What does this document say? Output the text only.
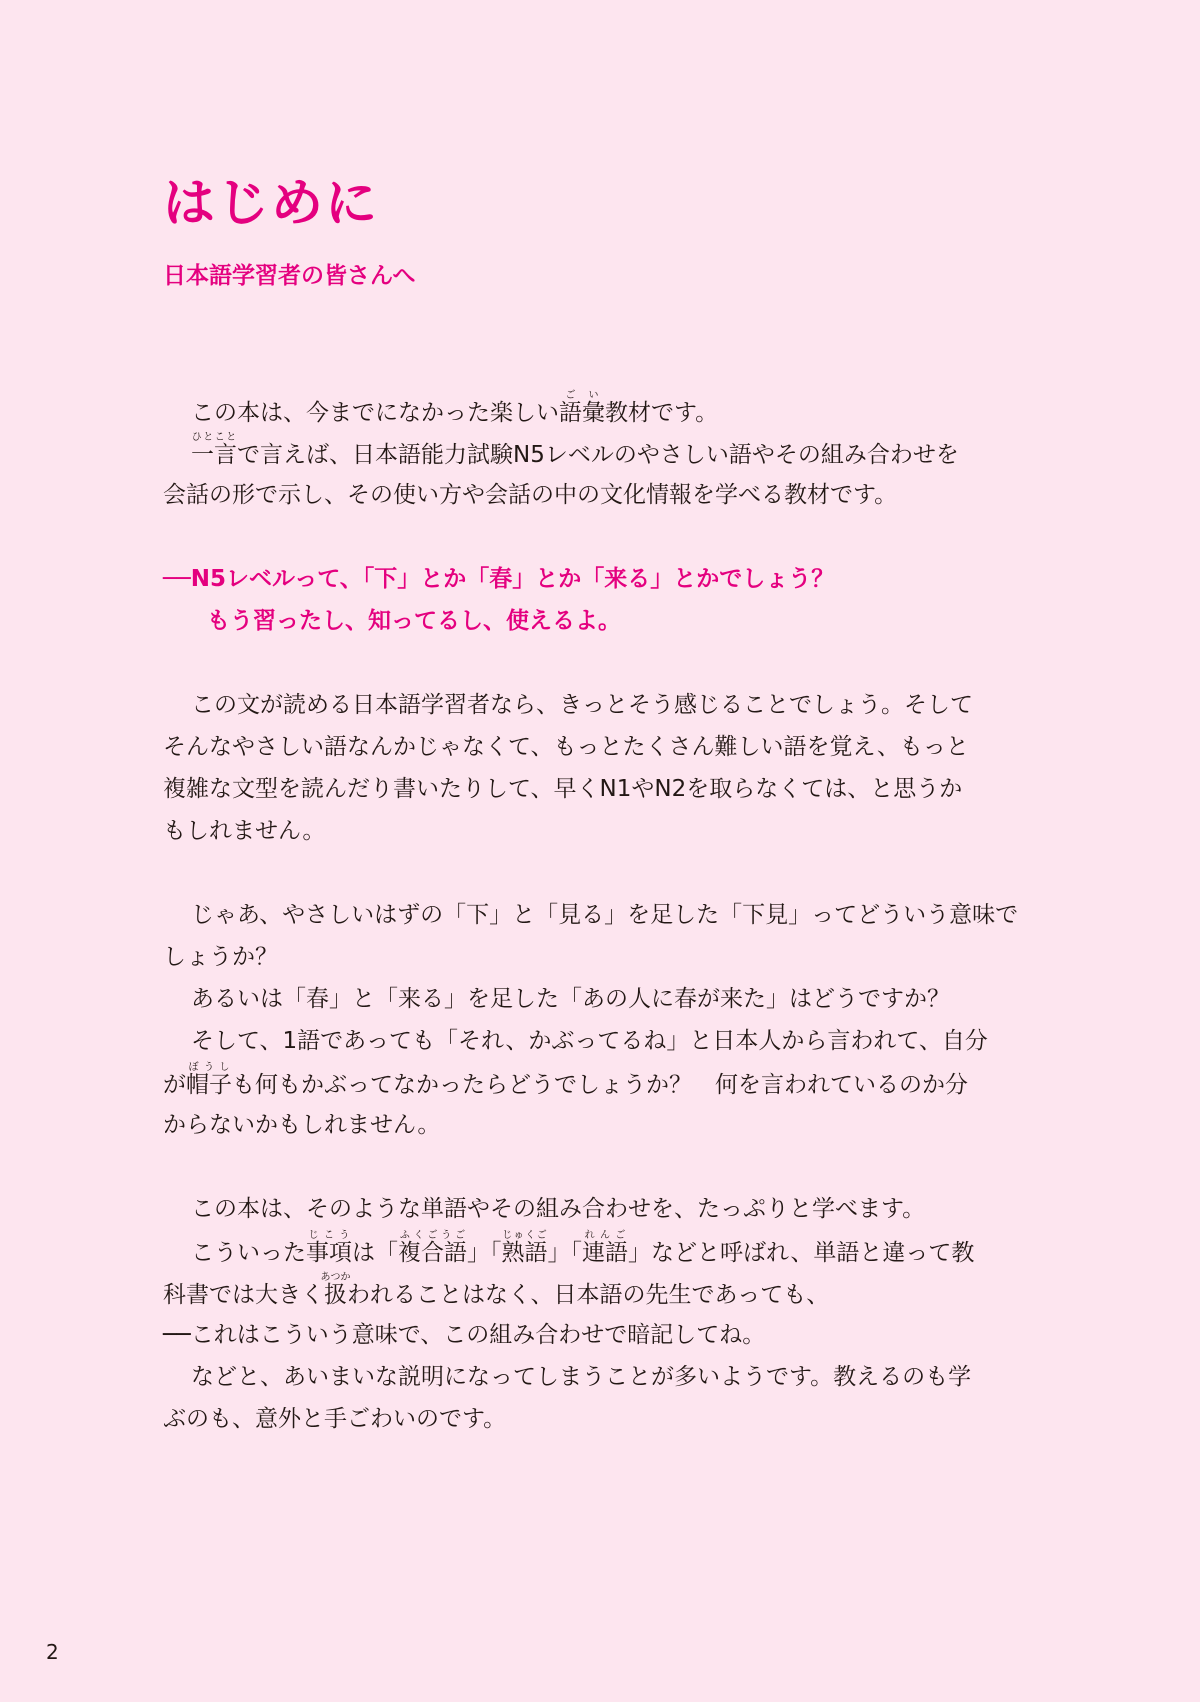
はじめに
日本語学習者の皆さんへ
この本は、今までになかった楽しい語彙ごい教材です。
一言ひとことで言えば、日本語能力試験N5レベルのやさしい語やその組み合わせを
会話の形で示し、その使い方や会話の中の文化情報を学べる教材です。
──N5レベルって、「下」とか「春」とか「来る」とかでしょう？
もう習ったし、知ってるし、使えるよ。
この文が読める日本語学習者なら、きっとそう感じることでしょう。そして
そんなやさしい語なんかじゃなくて、もっとたくさん難しい語を覚え、もっと
複雑な文型を読んだり書いたりして、早くN1やN2を取らなくては、と思うか
もしれません。
じゃあ、やさしいはずの「下」と「見る」を足した「下見」ってどういう意味で
しょうか？
あるいは「春」と「来る」を足した「あの人に春が来た」はどうですか？
そして、1語であっても「それ、かぶってるね」と日本人から言われて、自分
が帽子ぼうしも何もかぶってなかったらどうでしょうか？　何を言われているのか分
からないかもしれません。
この本は、そのような単語やその組み合わせを、たっぷりと学べます。
こういった事項じこうは「複合語ふくごうご」「熟語じゅくご」「連語れんご」などと呼ばれ、単語と違って教
科書では大きく扱あつかわれることはなく、日本語の先生であっても、
──これはこういう意味で、この組み合わせで暗記してね。
などと、あいまいな説明になってしまうことが多いようです。教えるのも学
ぶのも、意外と手ごわいのです。
2
